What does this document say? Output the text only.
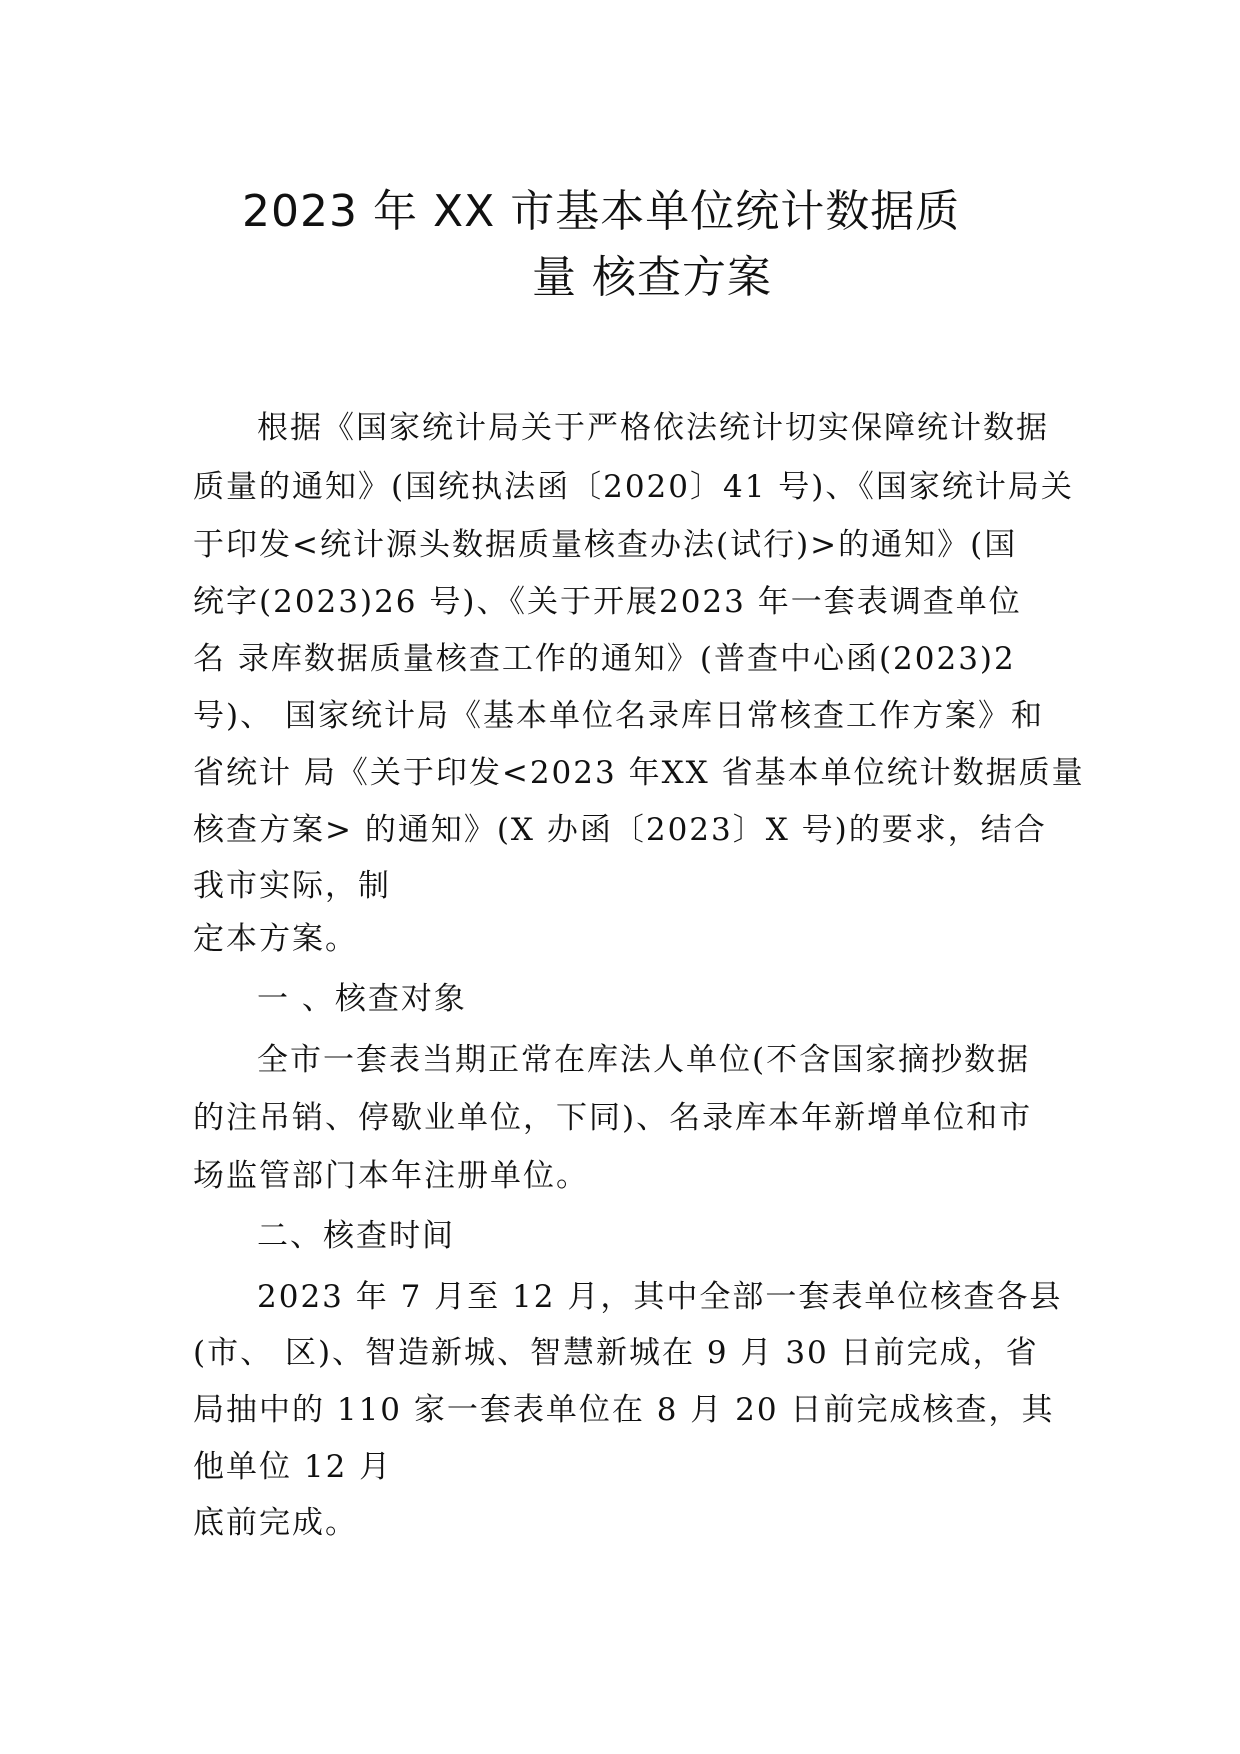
2023 年 XX 市基本单位统计数据质
量 核查方案
根据《国家统计局关于严格依法统计切实保障统计数据
质量的通知》(国统执法函〔2020〕41 号)、《国家统计局关
于印发<统计源头数据质量核查办法(试行)>的通知》(国
统字(2023)26 号)、《关于开展2023 年一套表调查单位
名 录库数据质量核查工作的通知》(普查中心函(2023)2
号)、 国家统计局《基本单位名录库日常核查工作方案》和
省统计 局《关于印发<2023 年XX 省基本单位统计数据质量
核查方案> 的通知》(X 办函〔2023〕X 号)的要求，结合
我市实际，制
定本方案。
一 、核查对象
全市一套表当期正常在库法人单位(不含国家摘抄数据
的注吊销、停歇业单位，下同)、名录库本年新增单位和市
场监管部门本年注册单位。
二、核查时间
2023 年 7 月至 12 月，其中全部一套表单位核查各县
(市、 区)、智造新城、智慧新城在 9 月 30 日前完成，省
局抽中的 110 家一套表单位在 8 月 20 日前完成核查，其
他单位 12 月
底前完成。
